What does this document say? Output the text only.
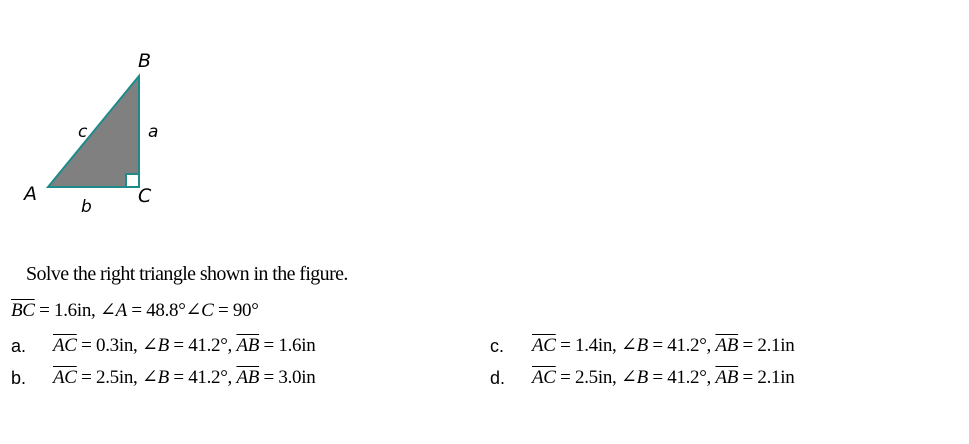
B
A	C
c	a
b
Solve the right triangle shown in the figure.
$\overline{BC} = 1.6in$, ∠A = 48.8°∠C = 90°
a. $\overline{AC} = 0.3in$, ∠B = 41.2°, $\overline{AB} = 1.6in$
b. $\overline{AC} = 2.5in$, ∠B = 41.2°, $\overline{AB} = 3.0in$
c. $\overline{AC} = 1.4in$, ∠B = 41.2°, $\overline{AB} = 2.1in$
d. $\overline{AC} = 2.5in$, ∠B = 41.2°, $\overline{AB} = 2.1in$
